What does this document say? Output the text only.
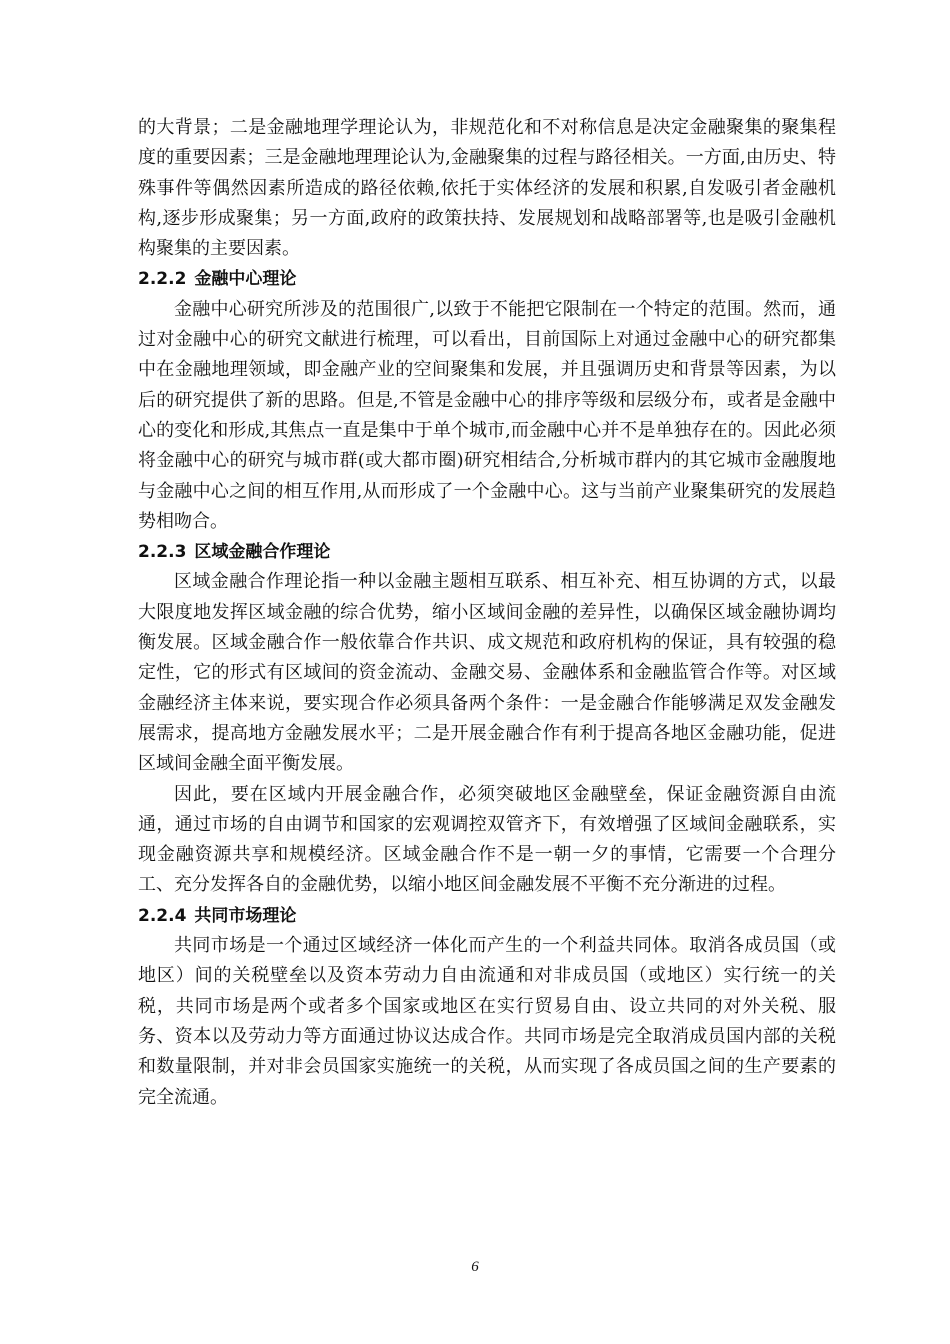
的大背景；二是金融地理学理论认为，非规范化和不对称信息是决定金融聚集的聚集程度的重要因素；三是金融地理理论认为,金融聚集的过程与路径相关。一方面,由历史、特殊事件等偶然因素所造成的路径依赖,依托于实体经济的发展和积累,自发吸引者金融机构,逐步形成聚集；另一方面,政府的政策扶持、发展规划和战略部署等,也是吸引金融机构聚集的主要因素。

2.2.2 金融中心理论

金融中心研究所涉及的范围很广,以致于不能把它限制在一个特定的范围。然而，通过对金融中心的研究文献进行梳理，可以看出，目前国际上对通过金融中心的研究都集中在金融地理领域，即金融产业的空间聚集和发展，并且强调历史和背景等因素，为以后的研究提供了新的思路。但是,不管是金融中心的排序等级和层级分布，或者是金融中心的变化和形成,其焦点一直是集中于单个城市,而金融中心并不是单独存在的。因此必须将金融中心的研究与城市群(或大都市圈)研究相结合,分析城市群内的其它城市金融腹地与金融中心之间的相互作用,从而形成了一个金融中心。这与当前产业聚集研究的发展趋势相吻合。

2.2.3 区域金融合作理论

区域金融合作理论指一种以金融主题相互联系、相互补充、相互协调的方式，以最大限度地发挥区域金融的综合优势，缩小区域间金融的差异性，以确保区域金融协调均衡发展。区域金融合作一般依靠合作共识、成文规范和政府机构的保证，具有较强的稳定性，它的形式有区域间的资金流动、金融交易、金融体系和金融监管合作等。对区域金融经济主体来说，要实现合作必须具备两个条件：一是金融合作能够满足双发金融发展需求，提高地方金融发展水平；二是开展金融合作有利于提高各地区金融功能，促进区域间金融全面平衡发展。

因此，要在区域内开展金融合作，必须突破地区金融壁垒，保证金融资源自由流通，通过市场的自由调节和国家的宏观调控双管齐下，有效增强了区域间金融联系，实现金融资源共享和规模经济。区域金融合作不是一朝一夕的事情，它需要一个合理分工、充分发挥各自的金融优势，以缩小地区间金融发展不平衡不充分渐进的过程。

2.2.4 共同市场理论

共同市场是一个通过区域经济一体化而产生的一个利益共同体。取消各成员国（或地区）间的关税壁垒以及资本劳动力自由流通和对非成员国（或地区）实行统一的关税，共同市场是两个或者多个国家或地区在实行贸易自由、设立共同的对外关税、服务、资本以及劳动力等方面通过协议达成合作。共同市场是完全取消成员国内部的关税和数量限制，并对非会员国家实施统一的关税，从而实现了各成员国之间的生产要素的完全流通。

6
